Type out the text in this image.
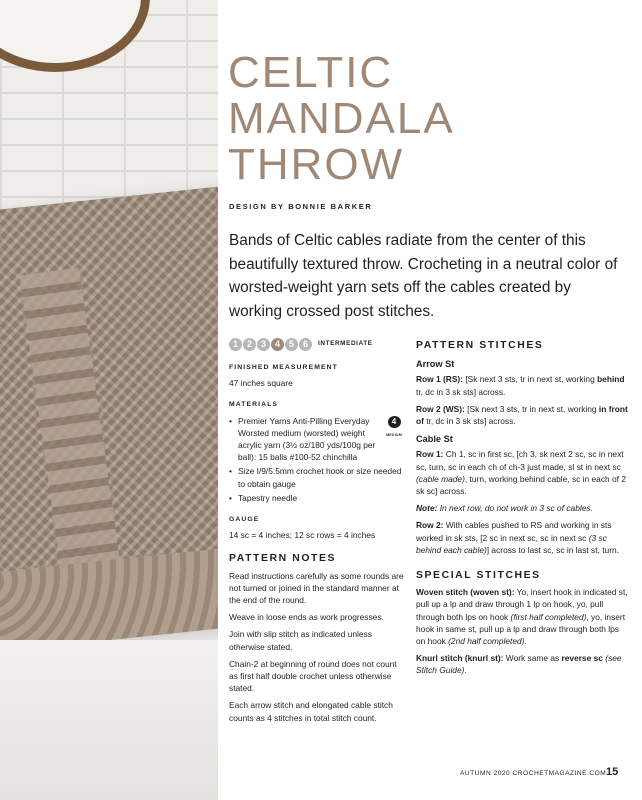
CELTIC
MANDALA
THROW
DESIGN BY BONNIE BARKER
Bands of Celtic cables radiate from the center of this beautifully textured throw. Crocheting in a neutral color of worsted-weight yarn sets off the cables created by working crossed post stitches.
1 2 3 4 5 6	INTERMEDIATE
FINISHED MEASUREMENT

47 inches square

MATERIALS
4
MEDIUM
• Premier Yarns Anti-Pilling Everyday Worsted medium (worsted) weight acrylic yarn (3½ oz/180 yds/100g per ball): 15 balls #100-52 chinchilla
• Size I/9/5.5mm crochet hook or size needed to obtain gauge
• Tapestry needle
GAUGE

14 sc = 4 inches; 12 sc rows = 4 inches

PATTERN NOTES

Read instructions carefully as some rounds are not turned or joined in the standard manner at the end of the round.

Weave in loose ends as work progresses.

Join with slip stitch as indicated unless otherwise stated.

Chain-2 at beginning of round does not count as first half double crochet unless otherwise stated.

Each arrow stitch and elongated cable stitch counts as 4 stitches in total stitch count.

PATTERN STITCHES
Arrow St

Row 1 (RS): [Sk next 3 sts, tr in next st, working behind tr, dc in 3 sk sts] across.

Row 2 (WS): [Sk next 3 sts, tr in next st, working in front of tr, dc in 3 sk sts] across.

Cable St

Row 1: Ch 1, sc in first sc, [ch 3, sk next 2 sc, sc in next sc, turn, sc in each ch of ch-3 just made, sl st in next sc (cable made), turn, working behind cable, sc in each of 2 sk sc] across.

Note: In next row, do not work in 3 sc of cables.

Row 2: With cables pushed to RS and working in sts worked in sk sts, [2 sc in next sc, sc in next sc (3 sc behind each cable)] across to last sc, sc in last st, turn.

SPECIAL STITCHES

Woven stitch (woven st): Yo, insert hook in indicated st, pull up a lp and draw through 1 lp on hook, yo, pull through both lps on hook (first half completed), yo, insert hook in same st, pull up a lp and draw through both lps on hook (2nd half completed).

Knurl stitch (knurl st): Work same as reverse sc (see Stitch Guide).

AUTUMN 2020 CROCHETMAGAZINE.COM 15
